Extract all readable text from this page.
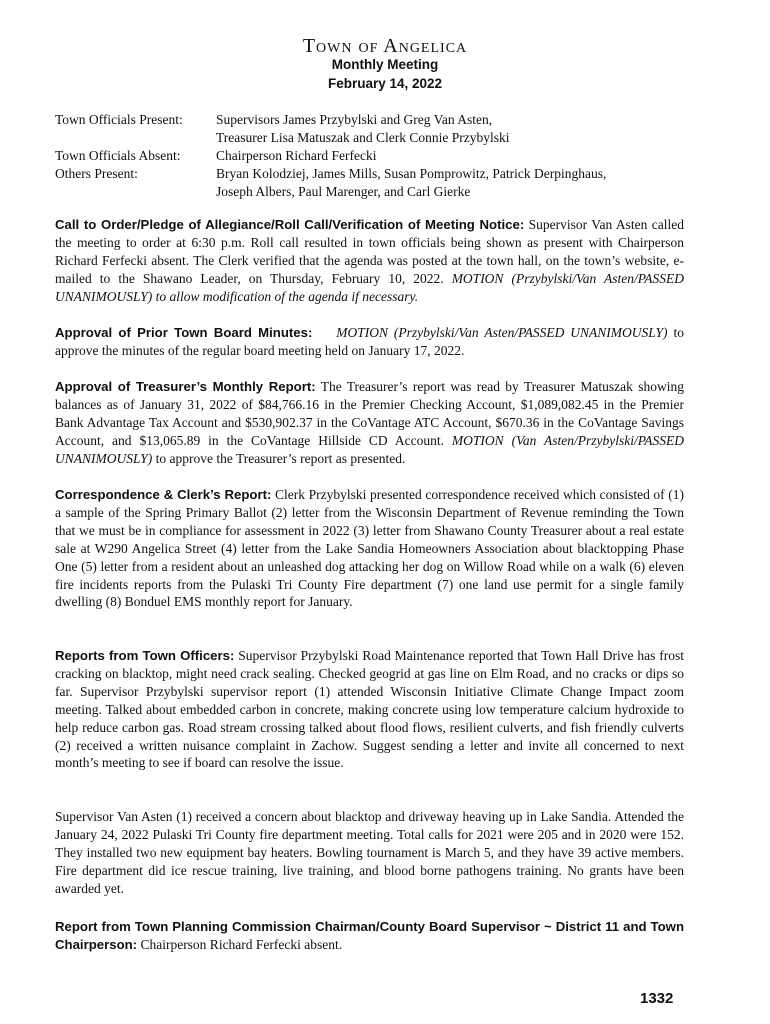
Town of Angelica
Monthly Meeting
February 14, 2022
Town Officials Present:	Supervisors James Przybylski and Greg Van Asten,
Treasurer Lisa Matuszak and Clerk Connie Przybylski
Town Officials Absent:	Chairperson Richard Ferfecki
Others Present:	Bryan Kolodziej, James Mills, Susan Pomprowitz, Patrick Derpinghaus,
Joseph Albers, Paul Marenger, and Carl Gierke
Call to Order/Pledge of Allegiance/Roll Call/Verification of Meeting Notice: Supervisor Van Asten called the meeting to order at 6:30 p.m. Roll call resulted in town officials being shown as present with Chairperson Richard Ferfecki absent. The Clerk verified that the agenda was posted at the town hall, on the town’s website, e-mailed to the Shawano Leader, on Thursday, February 10, 2022. MOTION (Przybylski/Van Asten/PASSED UNANIMOUSLY) to allow modification of the agenda if necessary.
Approval of Prior Town Board Minutes: MOTION (Przybylski/Van Asten/PASSED UNANIMOUSLY) to approve the minutes of the regular board meeting held on January 17, 2022.
Approval of Treasurer’s Monthly Report: The Treasurer’s report was read by Treasurer Matuszak showing balances as of January 31, 2022 of $84,766.16 in the Premier Checking Account, $1,089,082.45 in the Premier Bank Advantage Tax Account and $530,902.37 in the CoVantage ATC Account, $670.36 in the CoVantage Savings Account, and $13,065.89 in the CoVantage Hillside CD Account. MOTION (Van Asten/Przybylski/PASSED UNANIMOUSLY) to approve the Treasurer’s report as presented.
Correspondence & Clerk’s Report: Clerk Przybylski presented correspondence received which consisted of (1) a sample of the Spring Primary Ballot (2) letter from the Wisconsin Department of Revenue reminding the Town that we must be in compliance for assessment in 2022 (3) letter from Shawano County Treasurer about a real estate sale at W290 Angelica Street (4) letter from the Lake Sandia Homeowners Association about blacktopping Phase One (5) letter from a resident about an unleashed dog attacking her dog on Willow Road while on a walk (6) eleven fire incidents reports from the Pulaski Tri County Fire department (7) one land use permit for a single family dwelling (8) Bonduel EMS monthly report for January.
Reports from Town Officers: Supervisor Przybylski Road Maintenance reported that Town Hall Drive has frost cracking on blacktop, might need crack sealing. Checked geogrid at gas line on Elm Road, and no cracks or dips so far. Supervisor Przybylski supervisor report (1) attended Wisconsin Initiative Climate Change Impact zoom meeting. Talked about embedded carbon in concrete, making concrete using low temperature calcium hydroxide to help reduce carbon gas. Road stream crossing talked about flood flows, resilient culverts, and fish friendly culverts (2) received a written nuisance complaint in Zachow. Suggest sending a letter and invite all concerned to next month’s meeting to see if board can resolve the issue.
Supervisor Van Asten (1) received a concern about blacktop and driveway heaving up in Lake Sandia. Attended the January 24, 2022 Pulaski Tri County fire department meeting. Total calls for 2021 were 205 and in 2020 were 152. They installed two new equipment bay heaters. Bowling tournament is March 5, and they have 39 active members. Fire department did ice rescue training, live training, and blood borne pathogens training. No grants have been awarded yet.
Report from Town Planning Commission Chairman/County Board Supervisor ~ District 11 and Town Chairperson: Chairperson Richard Ferfecki absent.
1332
